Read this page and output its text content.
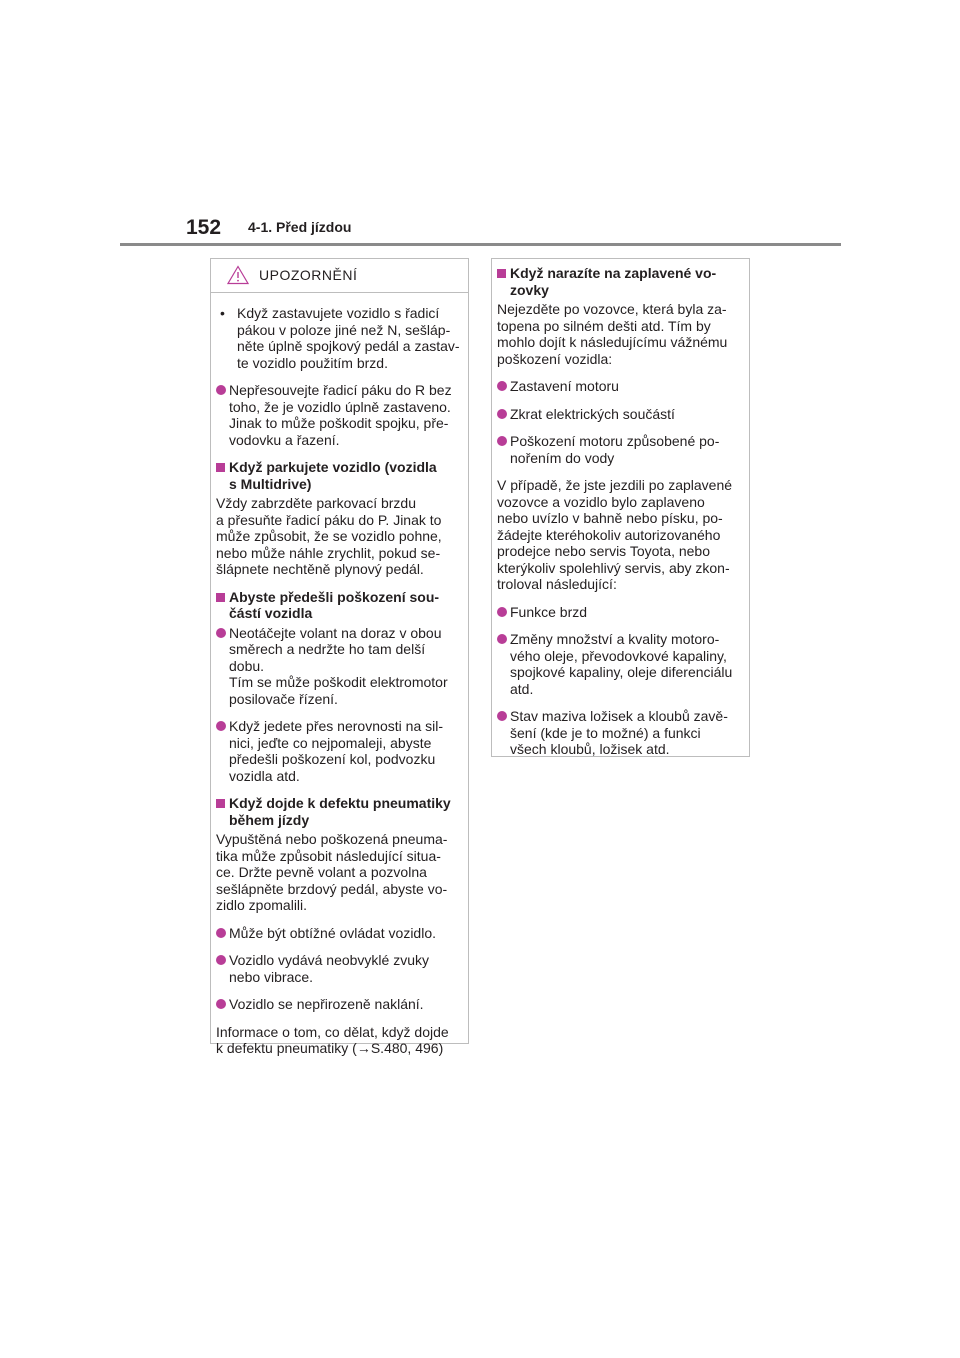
152 4-1. Před jízdou
UPOZORNĚNÍ
• Když zastavujete vozidlo s řadicí
pákou v poloze jiné než N, sešláp-
něte úplně spojkový pedál a zastav-
te vozidlo použitím brzd.
Nepřesouvejte řadicí páku do R bez
toho, že je vozidlo úplně zastaveno.
Jinak to může poškodit spojku, pře-
vodovku a řazení.
Když parkujete vozidlo (vozidla
s Multidrive)
Vždy zabrzděte parkovací brzdu
a přesuňte řadicí páku do P. Jinak to
může způsobit, že se vozidlo pohne,
nebo může náhle zrychlit, pokud se-
šlápnete nechtěně plynový pedál.
Abyste předešli poškození sou-
částí vozidla
Neotáčejte volant na doraz v obou
směrech a nedržte ho tam delší
dobu.
Tím se může poškodit elektromotor
posilovače řízení.
Když jedete přes nerovnosti na sil-
nici, jeďte co nejpomaleji, abyste
předešli poškození kol, podvozku
vozidla atd.
Když dojde k defektu pneumatiky
během jízdy
Vypuštěná nebo poškozená pneuma-
tika může způsobit následující situa-
ce. Držte pevně volant a pozvolna
sešlápněte brzdový pedál, abyste vo-
zidlo zpomalili.
Může být obtížné ovládat vozidlo.
Vozidlo vydává neobvyklé zvuky
nebo vibrace.
Vozidlo se nepřirozeně naklání.
Informace o tom, co dělat, když dojde
k defektu pneumatiky (→S.480, 496)
Když narazíte na zaplavené vo-
zovky
Nejezděte po vozovce, která byla za-
topena po silném dešti atd. Tím by
mohlo dojít k následujícímu vážnému
poškození vozidla:
Zastavení motoru
Zkrat elektrických součástí
Poškození motoru způsobené po-
nořením do vody
V případě, že jste jezdili po zaplavené
vozovce a vozidlo bylo zaplaveno
nebo uvízlo v bahně nebo písku, po-
žádejte kteréhokoliv autorizovaného
prodejce nebo servis Toyota, nebo
kterýkoliv spolehlivý servis, aby zkon-
troloval následující:
Funkce brzd
Změny množství a kvality motoro-
vého oleje, převodovkové kapaliny,
spojkové kapaliny, oleje diferenciálu
atd.
Stav maziva ložisek a kloubů zavě-
šení (kde je to možné) a funkci
všech kloubů, ložisek atd.
